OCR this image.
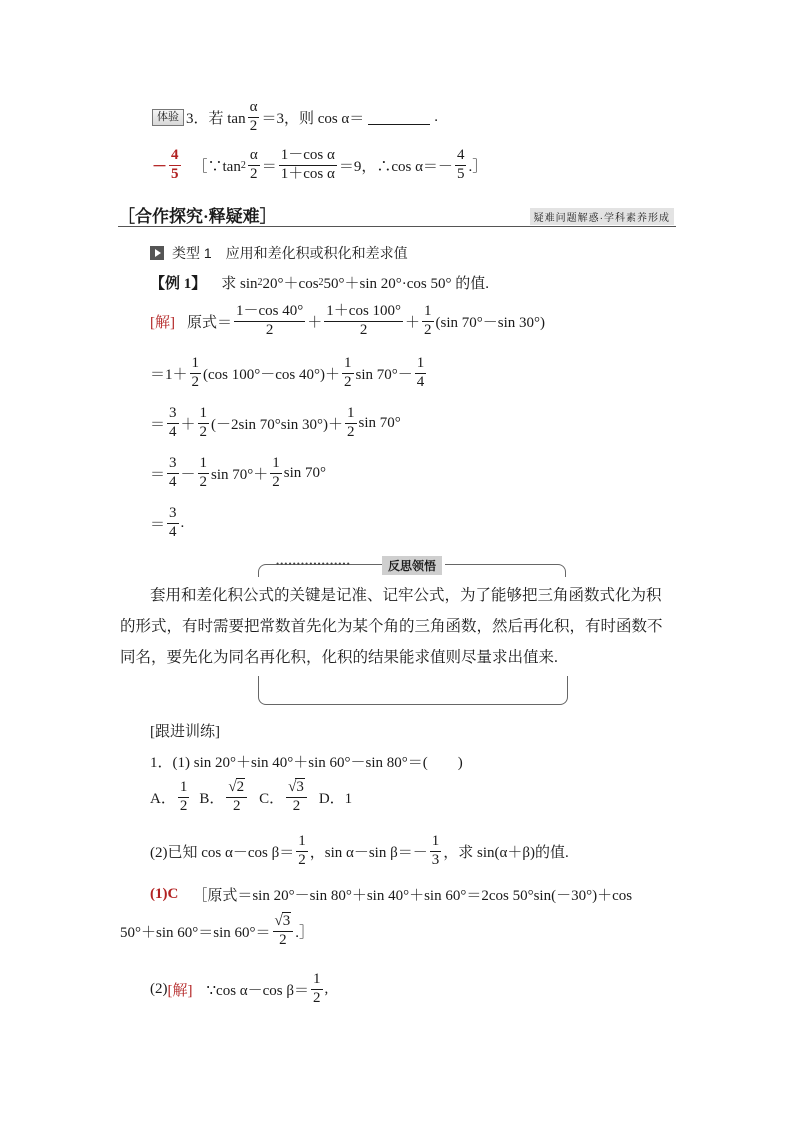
体验 3．若 $\tan \frac{\alpha}{2} =3$，则 cos α＝	.
－ $\frac{4}{5}$ ［∵tan $2 \frac{\alpha}{2} = \frac{\text{1－cos α}}{\text{1＋cos α}} =9$，∴cos $\alpha=- \frac{4}{5}$ .］
［合作探究·释疑难］	疑难问题解惑·学科素养形成
类型 1　应用和差化积或积化和差求值
【例 1】 　求 sin 2 20°＋cos 2 50°＋sin 20°·cos 50° 的值.
[解] 原式＝ $\frac{1-\cos 40^\circ}{2} + \frac{1+\cos 100^\circ}{2} + \frac{1}{2} (\sin$ 70°－sin 30°)
$=1+ \frac{1}{2} (\cos$ 100°－cos $40^\circ)+ \frac{1}{2}$ $\sin 70^\circ- \frac{1}{4}$
＝ $\frac{3}{4} + \frac{1}{2} (-2\sin$ 70°sin $30^\circ)+ \frac{1}{2}$ sin 70°
＝ $\frac{3}{4} - \frac{1}{2}$ $\sin 70^\circ+ \frac{1}{2}$ sin 70°
＝ $\frac{3}{4}$ .
••••••••••••••••••	反思领悟
套用和差化积公式的关键是记准、记牢公式，为了能够把三角函数式化为积的形式，有时需要把常数首先化为某个角的三角函数，然后再化积，有时函数不同名，要先化为同名再化积，化积的结果能求值则尽量求出值来.
[跟进训练]
1．(1) sin 20°＋sin 40°＋sin 60°－sin 80°＝(　　)
A． $\frac{1}{2}$ B． $\frac{√2}{2}$ C． $\frac{√3}{2}$ D．1
(2)已知 cos α－cos $\beta= \frac{1}{2}$ ，sin α－sin $\beta=- \frac{1}{3}$ ，求 sin(α＋β)的值.
(1)C ［原式＝sin 20°－sin 80°＋sin 40°＋sin 60°＝2cos 50°sin(－30°)＋cos
50°＋sin 60°＝sin $60^\circ= \frac{√3}{2}$ .］
(2) [解] ∵cos α－cos $\beta= \frac{1}{2}$ ,
